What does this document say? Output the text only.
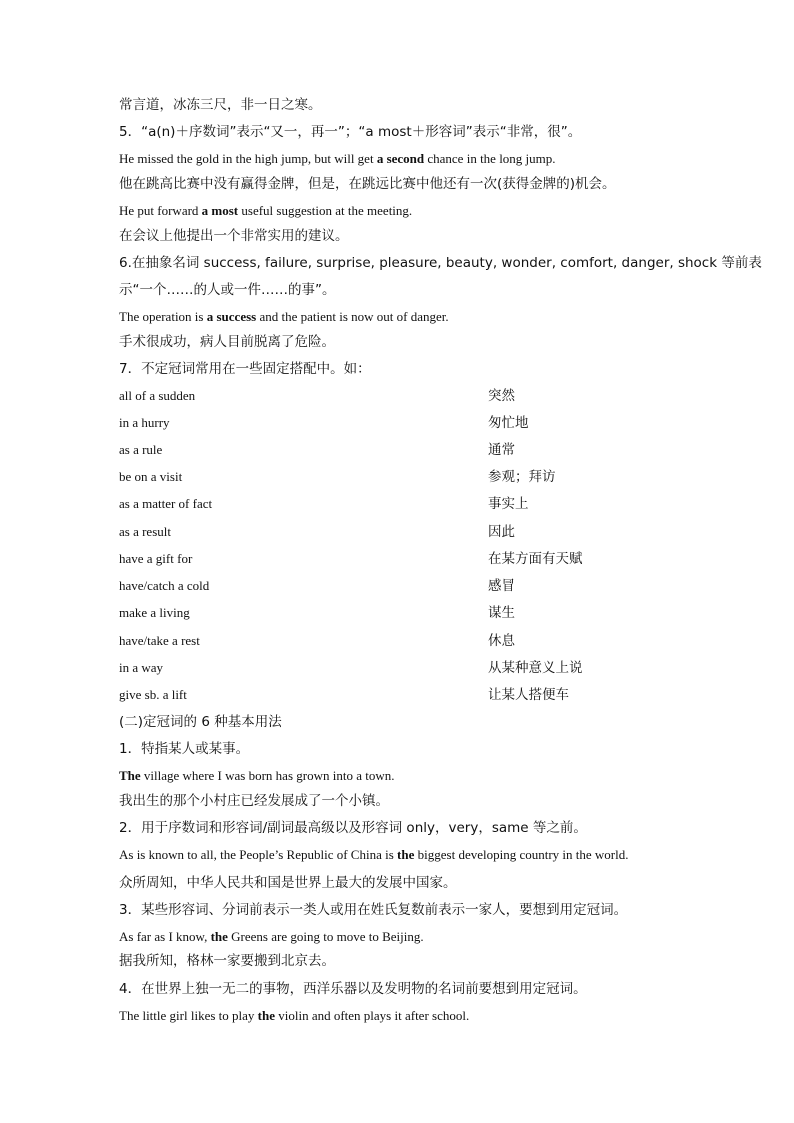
常言道，冰冻三尺，非一日之寒。
5．“a(n)＋序数词”表示“又一，再一”；“a most＋形容词”表示“非常，很”。
He missed the gold in the high jump, but will get a second chance in the long jump.
他在跳高比赛中没有赢得金牌，但是，在跳远比赛中他还有一次(获得金牌的)机会。
He put forward a most useful suggestion at the meeting.
在会议上他提出一个非常实用的建议。
6.在抽象名词 success, failure, surprise, pleasure, beauty, wonder, comfort, danger, shock 等前表
示“一个……的人或一件……的事”。
The operation is a success and the patient is now out of danger.
手术很成功，病人目前脱离了危险。
7．不定冠词常用在一些固定搭配中。如：
all of a sudden	突然
in a hurry	匆忙地
as a rule	通常
be on a visit	参观；拜访
as a matter of fact	事实上
as a result	因此
have a gift for	在某方面有天赋
have/catch a cold	感冒
make a living	谋生
have/take a rest	休息
in a way	从某种意义上说
give sb. a lift	让某人搭便车
(二)定冠词的 6 种基本用法
1．特指某人或某事。
The village where I was born has grown into a town.
我出生的那个小村庄已经发展成了一个小镇。
2．用于序数词和形容词/副词最高级以及形容词 only，very，same 等之前。
As is known to all, the People’s Republic of China is the biggest developing country in the world.
众所周知，中华人民共和国是世界上最大的发展中国家。
3．某些形容词、分词前表示一类人或用在姓氏复数前表示一家人，要想到用定冠词。
As far as I know, the Greens are going to move to Beijing.
据我所知，格林一家要搬到北京去。
4．在世界上独一无二的事物，西洋乐器以及发明物的名词前要想到用定冠词。
The little girl likes to play the violin and often plays it after school.
